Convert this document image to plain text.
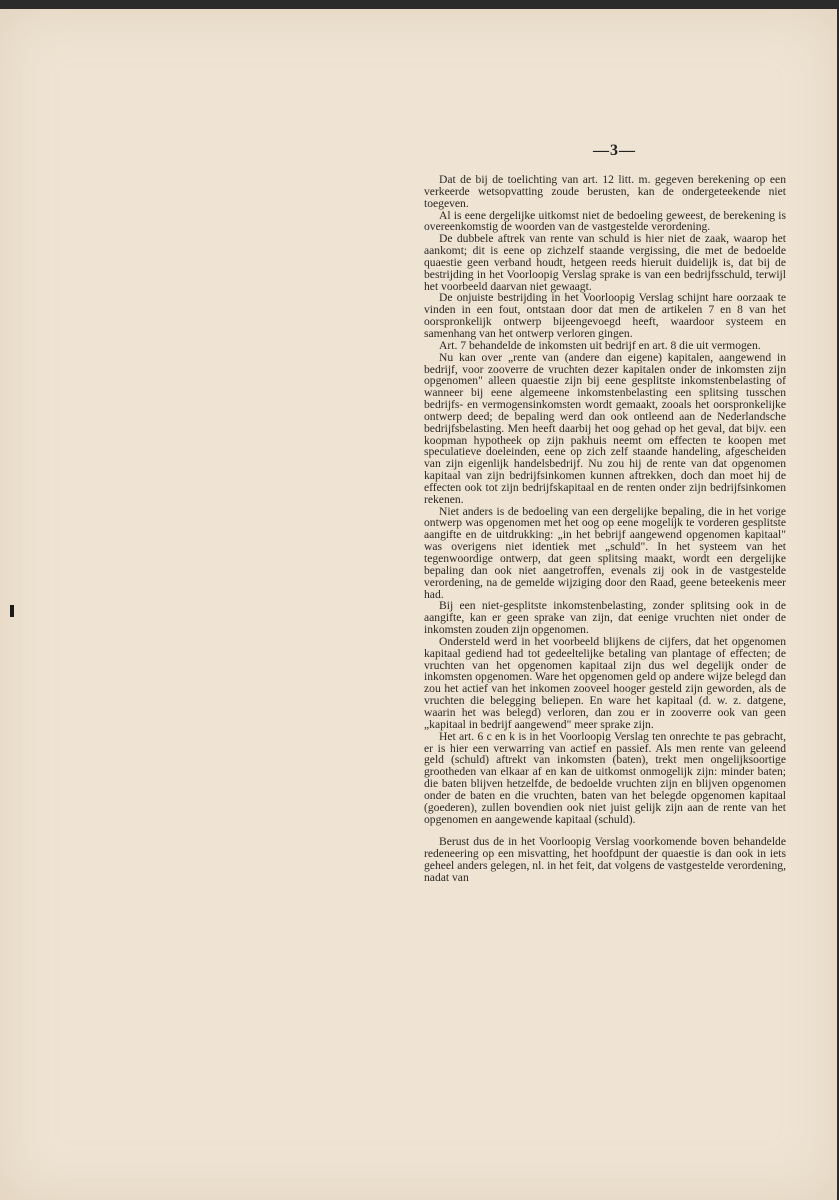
—3—

Dat de bij de toelichting van art. 12 litt. m. gegeven berekening op een verkeerde wetsopvatting zoude berusten, kan de ondergeteekende niet toegeven.

Al is eene dergelijke uitkomst niet de bedoeling geweest, de berekening is overeenkomstig de woorden van de vastgestelde verordening.

De dubbele aftrek van rente van schuld is hier niet de zaak, waarop het aankomt; dit is eene op zichzelf staande vergissing, die met de bedoelde quaestie geen verband houdt, hetgeen reeds hieruit duidelijk is, dat bij de bestrijding in het Voorloopig Verslag sprake is van een bedrijfsschuld, terwijl het voorbeeld daarvan niet gewaagt.

De onjuiste bestrijding in het Voorloopig Verslag schijnt hare oorzaak te vinden in een fout, ontstaan door dat men de artikelen 7 en 8 van het oorspronkelijk ontwerp bijeengevoegd heeft, waardoor systeem en samenhang van het ontwerp verloren gingen.

Art. 7 behandelde de inkomsten uit bedrijf en art. 8 die uit vermogen.

Nu kan over „rente van (andere dan eigene) kapitalen, aangewend in bedrijf, voor zooverre de vruchten dezer kapitalen onder de inkomsten zijn opgenomen" alleen quaestie zijn bij eene gesplitste inkomstenbelasting of wanneer bij eene algemeene inkomstenbelasting een splitsing tusschen bedrijfs- en vermogensinkomsten wordt gemaakt, zooals het oorspronkelijke ontwerp deed; de bepaling werd dan ook ontleend aan de Nederlandsche bedrijfsbelasting. Men heeft daarbij het oog gehad op het geval, dat bijv. een koopman hypotheek op zijn pakhuis neemt om effecten te koopen met speculatieve doeleinden, eene op zich zelf staande handeling, afgescheiden van zijn eigenlijk handelsbedrijf. Nu zou hij de rente van dat opgenomen kapitaal van zijn bedrijfsinkomen kunnen aftrekken, doch dan moet hij de effecten ook tot zijn bedrijfskapitaal en de renten onder zijn bedrijfsinkomen rekenen.

Niet anders is de bedoeling van een dergelijke bepaling, die in het vorige ontwerp was opgenomen met het oog op eene mogelijk te vorderen gesplitste aangifte en de uitdrukking: „in het bebrijf aangewend opgenomen kapitaal" was overigens niet identiek met „schuld". In het systeem van het tegenwoordige ontwerp, dat geen splitsing maakt, wordt een dergelijke bepaling dan ook niet aangetroffen, evenals zij ook in de vastgestelde verordening, na de gemelde wijziging door den Raad, geene beteekenis meer had.

Bij een niet-gesplitste inkomstenbelasting, zonder splitsing ook in de aangifte, kan er geen sprake van zijn, dat eenige vruchten niet onder de inkomsten zouden zijn opgenomen.

Ondersteld werd in het voorbeeld blijkens de cijfers, dat het opgenomen kapitaal gediend had tot gedeeltelijke betaling van plantage of effecten; de vruchten van het opgenomen kapitaal zijn dus wel degelijk onder de inkomsten opgenomen. Ware het opgenomen geld op andere wijze belegd dan zou het actief van het inkomen zooveel hooger gesteld zijn geworden, als de vruchten die belegging beliepen. En ware het kapitaal (d. w. z. datgene, waarin het was belegd) verloren, dan zou er in zooverre ook van geen „kapitaal in bedrijf aangewend" meer sprake zijn.

Het art. 6 c en k is in het Voorloopig Verslag ten onrechte te pas gebracht, er is hier een verwarring van actief en passief. Als men rente van geleend geld (schuld) aftrekt van inkomsten (baten), trekt men ongelijksoortige grootheden van elkaar af en kan de uitkomst onmogelijk zijn: minder baten; die baten blijven hetzelfde, de bedoelde vruchten zijn en blijven opgenomen onder de baten en die vruchten, baten van het belegde opgenomen kapitaal (goederen), zullen bovendien ook niet juist gelijk zijn aan de rente van het opgenomen en aangewende kapitaal (schuld).

Berust dus de in het Voorloopig Verslag voorkomende boven behandelde redeneering op een misvatting, het hoofdpunt der quaestie is dan ook in iets geheel anders gelegen, nl. in het feit, dat volgens de vastgestelde verordening, nadat van
